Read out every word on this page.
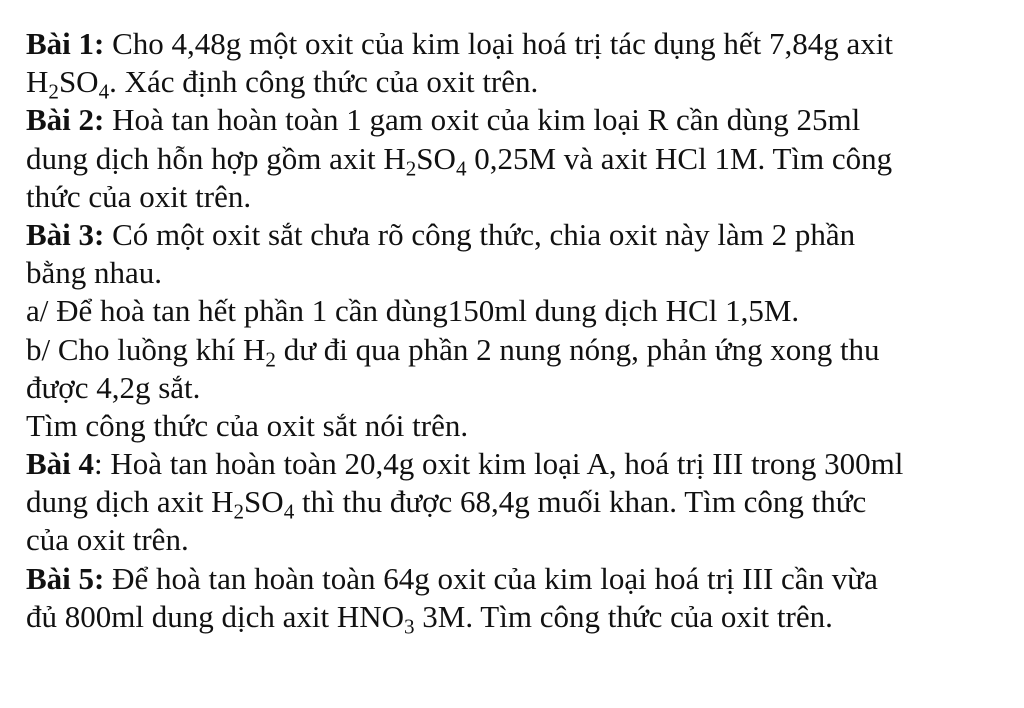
Bài 1: Cho 4,48g một oxit của kim loại hoá trị tác dụng hết 7,84g axit
$H_2SO_4$. Xác định công thức của oxit trên.
Bài 2: Hoà tan hoàn toàn 1 gam oxit của kim loại R cần dùng 25ml
dung dịch hỗn hợp gồm axit $H_2SO_4$ 0,25M và axit HCl 1M. Tìm công
thức của oxit trên.
Bài 3: Có một oxit sắt chưa rõ công thức, chia oxit này làm 2 phần
bằng nhau.
a/ Để hoà tan hết phần 1 cần dùng150ml dung dịch HCl 1,5M.
b/ Cho luồng khí $H_2$ dư đi qua phần 2 nung nóng, phản ứng xong thu
được 4,2g sắt.
Tìm công thức của oxit sắt nói trên.
Bài 4: Hoà tan hoàn toàn 20,4g oxit kim loại A, hoá trị III trong 300ml
dung dịch axit $H_2SO_4$ thì thu được 68,4g muối khan. Tìm công thức
của oxit trên.
Bài 5: Để hoà tan hoàn toàn 64g oxit của kim loại hoá trị III cần vừa
đủ 800ml dung dịch axit $HNO_3$ 3M. Tìm công thức của oxit trên.
